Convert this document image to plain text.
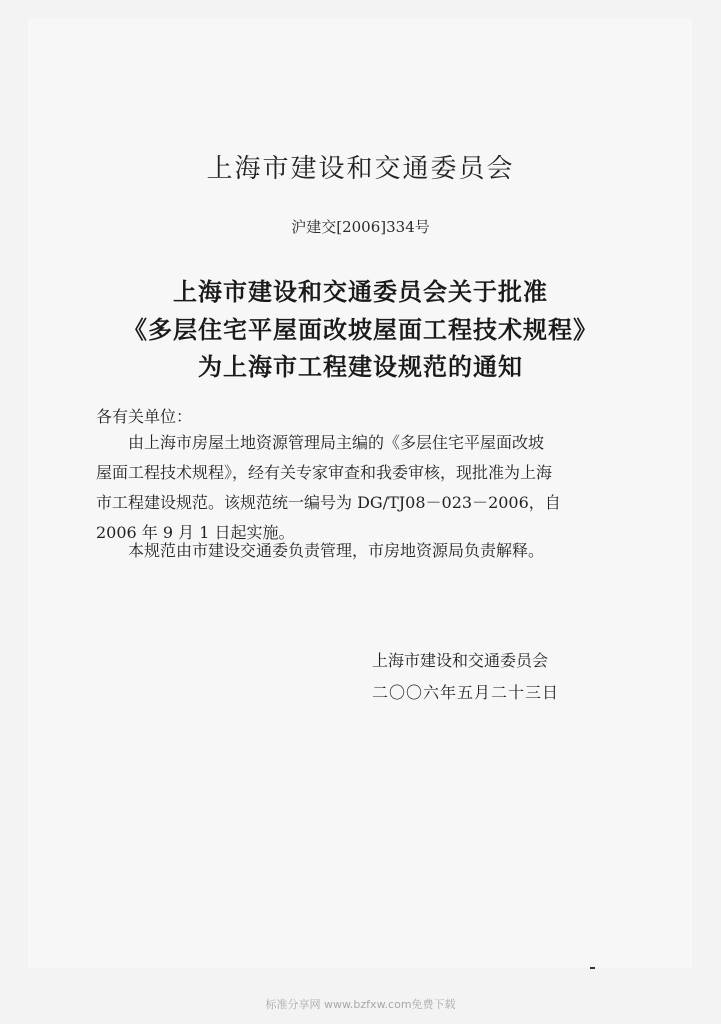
上海市建设和交通委员会
沪建交[2006]334号
上海市建设和交通委员会关于批准
《多层住宅平屋面改坡屋面工程技术规程》
为上海市工程建设规范的通知
各有关单位：
由上海市房屋土地资源管理局主编的《多层住宅平屋面改坡
屋面工程技术规程》，经有关专家审查和我委审核，现批准为上海
市工程建设规范。该规范统一编号为 DG/TJ08－023－2006，自
2006 年 9 月 1 日起实施。
本规范由市建设交通委负责管理，市房地资源局负责解释。
上海市建设和交通委员会
二〇〇六年五月二十三日
标准分享网 www.bzfxw.com免费下载
